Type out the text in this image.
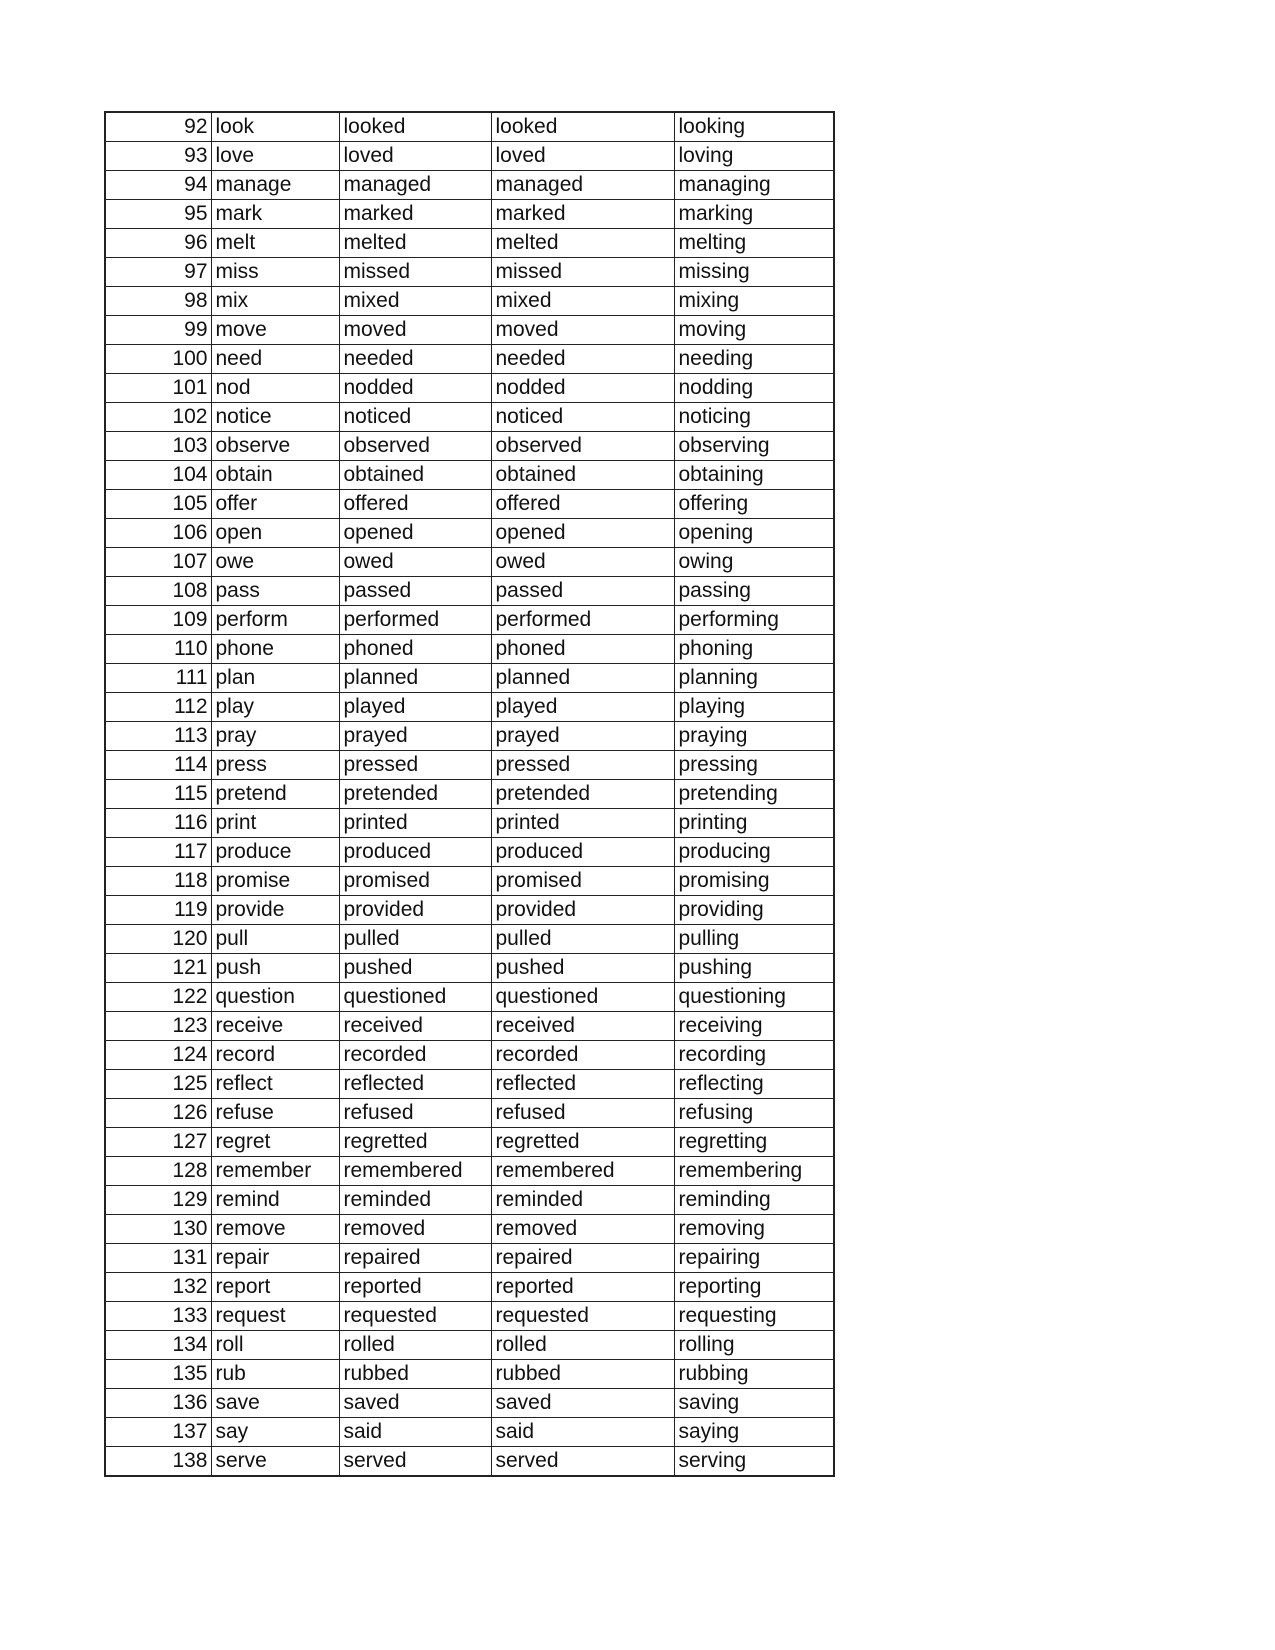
92	look	looked	looked	looking
93	love	loved	loved	loving
94	manage	managed	managed	managing
95	mark	marked	marked	marking
96	melt	melted	melted	melting
97	miss	missed	missed	missing
98	mix	mixed	mixed	mixing
99	move	moved	moved	moving
100	need	needed	needed	needing
101	nod	nodded	nodded	nodding
102	notice	noticed	noticed	noticing
103	observe	observed	observed	observing
104	obtain	obtained	obtained	obtaining
105	offer	offered	offered	offering
106	open	opened	opened	opening
107	owe	owed	owed	owing
108	pass	passed	passed	passing
109	perform	performed	performed	performing
110	phone	phoned	phoned	phoning
111	plan	planned	planned	planning
112	play	played	played	playing
113	pray	prayed	prayed	praying
114	press	pressed	pressed	pressing
115	pretend	pretended	pretended	pretending
116	print	printed	printed	printing
117	produce	produced	produced	producing
118	promise	promised	promised	promising
119	provide	provided	provided	providing
120	pull	pulled	pulled	pulling
121	push	pushed	pushed	pushing
122	question	questioned	questioned	questioning
123	receive	received	received	receiving
124	record	recorded	recorded	recording
125	reflect	reflected	reflected	reflecting
126	refuse	refused	refused	refusing
127	regret	regretted	regretted	regretting
128	remember	remembered	remembered	remembering
129	remind	reminded	reminded	reminding
130	remove	removed	removed	removing
131	repair	repaired	repaired	repairing
132	report	reported	reported	reporting
133	request	requested	requested	requesting
134	roll	rolled	rolled	rolling
135	rub	rubbed	rubbed	rubbing
136	save	saved	saved	saving
137	say	said	said	saying
138	serve	served	served	serving
